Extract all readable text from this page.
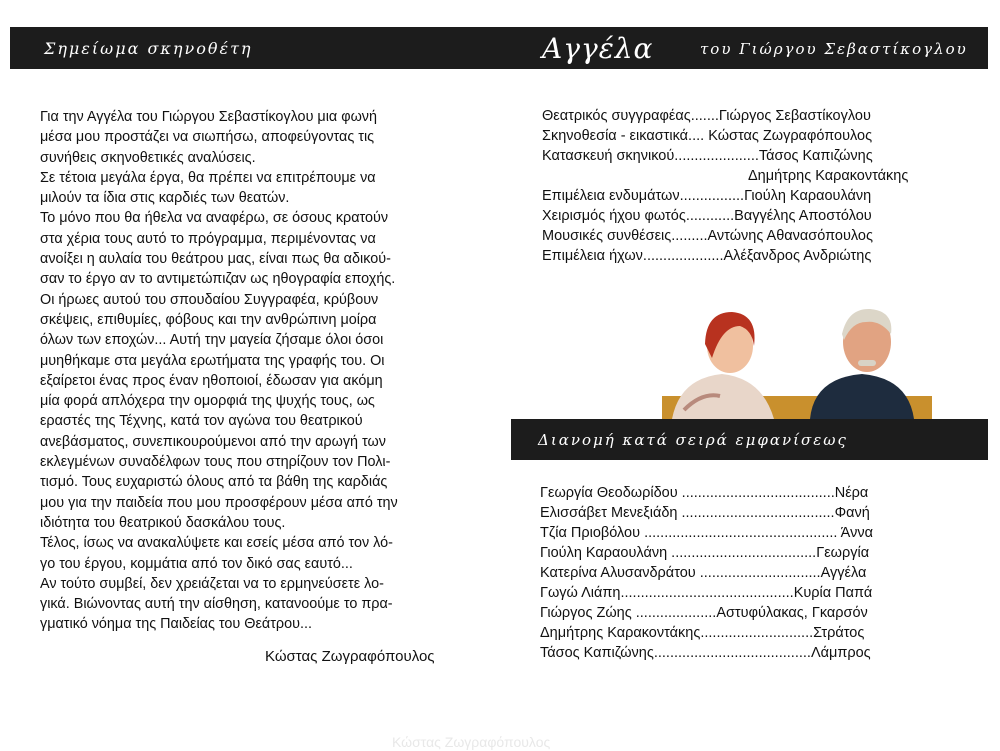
Σημείωμα σκηνοθέτη	Αγγέλα	του Γιώργου Σεβαστίκογλου
Για την Αγγέλα του Γιώργου Σεβαστίκογλου μια φωνή
μέσα μου προστάζει να σιωπήσω, αποφεύγοντας τις
συνήθεις σκηνοθετικές αναλύσεις.
Σε τέτοια μεγάλα έργα, θα πρέπει να επιτρέπουμε να
μιλούν τα ίδια στις καρδιές των θεατών.
Το μόνο που θα ήθελα να αναφέρω, σε όσους κρατούν
στα χέρια τους αυτό το πρόγραμμα, περιμένοντας να
ανοίξει η αυλαία του θεάτρου μας, είναι πως θα αδικού-
σαν το έργο αν το αντιμετώπιζαν ως ηθογραφία εποχής.
Οι ήρωες αυτού του σπουδαίου Συγγραφέα, κρύβουν
σκέψεις, επιθυμίες, φόβους και την ανθρώπινη μοίρα
όλων των εποχών... Αυτή την μαγεία ζήσαμε όλοι όσοι
μυηθήκαμε στα μεγάλα ερωτήματα της γραφής του. Οι
εξαίρετοι ένας προς έναν ηθοποιοί, έδωσαν για ακόμη
μία φορά απλόχερα την ομορφιά της ψυχής τους, ως
εραστές της Τέχνης, κατά τον αγώνα του θεατρικού
ανεβάσματος, συνεπικουρούμενοι από την αρωγή των
εκλεγμένων συναδέλφων τους που στηρίζουν τον Πολι-
τισμό. Τους ευχαριστώ όλους από τα βάθη της καρδιάς
μου για την παιδεία που μου προσφέρουν μέσα από την
ιδιότητα του θεατρικού δασκάλου τους.
Τέλος, ίσως να ανακαλύψετε και εσείς μέσα από τον λό-
γο του έργου, κομμάτια από τον δικό σας εαυτό...
Αν τούτο συμβεί, δεν χρειάζεται να το ερμηνεύσετε λο-
γικά. Βιώνοντας αυτή την αίσθηση, κατανοούμε το πρα-
γματικό νόημα της Παιδείας του Θεάτρου...
Κώστας Ζωγραφόπουλος
Θεατρικός συγγραφέας.......Γιώργος Σεβαστίκογλου
Σκηνοθεσία - εικαστικά.... Κώστας Ζωγραφόπουλος
Κατασκευή σκηνικού.....................Τάσος Καπιζώνης
Δημήτρης Καρακοντάκης
Επιμέλεια ενδυμάτων................Γιούλη Καραουλάνη
Χειρισμός ήχου φωτός............Βαγγέλης Αποστόλου
Μουσικές συνθέσεις.........Αντώνης Αθανασόπουλος
Επιμέλεια ήχων....................Αλέξανδρος Ανδριώτης
Διανομή κατά σειρά εμφανίσεως
Γεωργία Θεοδωρίδου ......................................Νέρα
Ελισσάβετ Μενεξιάδη ......................................Φανή
Τζία Πριοβόλου ................................................ Άννα
Γιούλη Καραουλάνη ....................................Γεωργία
Κατερίνα Αλυσανδράτου ..............................Αγγέλα
Γωγώ Λιάπη...........................................Κυρία Παπά
Γιώργος Ζώης ....................Αστυφύλακας, Γκαρσόν
Δημήτρης Καρακοντάκης............................Στράτος
Τάσος Καπιζώνης.......................................Λάμπρος
Κώστας Ζωγραφόπουλος
